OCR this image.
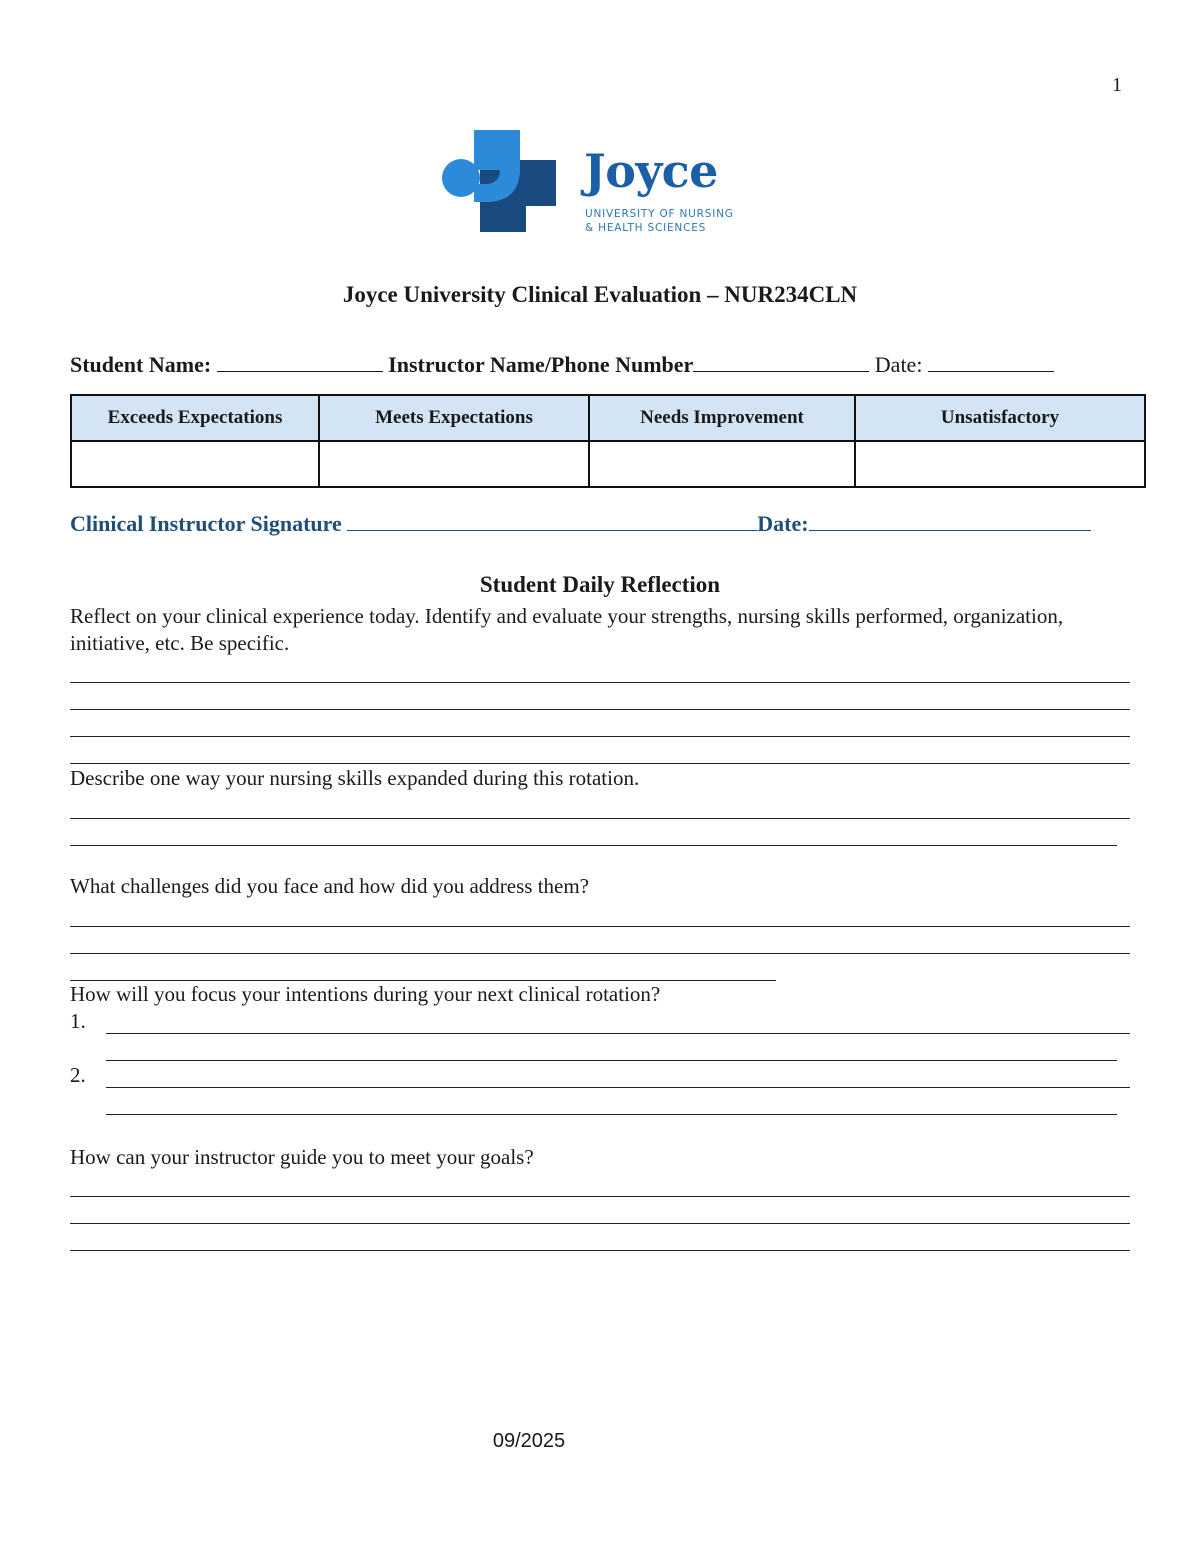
1
Joyce
UNIVERSITY OF NURSING
& HEALTH SCIENCES
Joyce University Clinical Evaluation – NUR234CLN
Student Name:	Instructor Name/Phone Number	Date:
Exceeds Expectations	Meets Expectations	Needs Improvement	Unsatisfactory

Clinical Instructor Signature	Date:
Student Daily Reflection
Reflect on your clinical experience today. Identify and evaluate your strengths, nursing skills performed, organization, initiative, etc. Be specific.
Describe one way your nursing skills expanded during this rotation.
What challenges did you face and how did you address them?
How will you focus your intentions during your next clinical rotation?
1.
2.
How can your instructor guide you to meet your goals?
09/2025
